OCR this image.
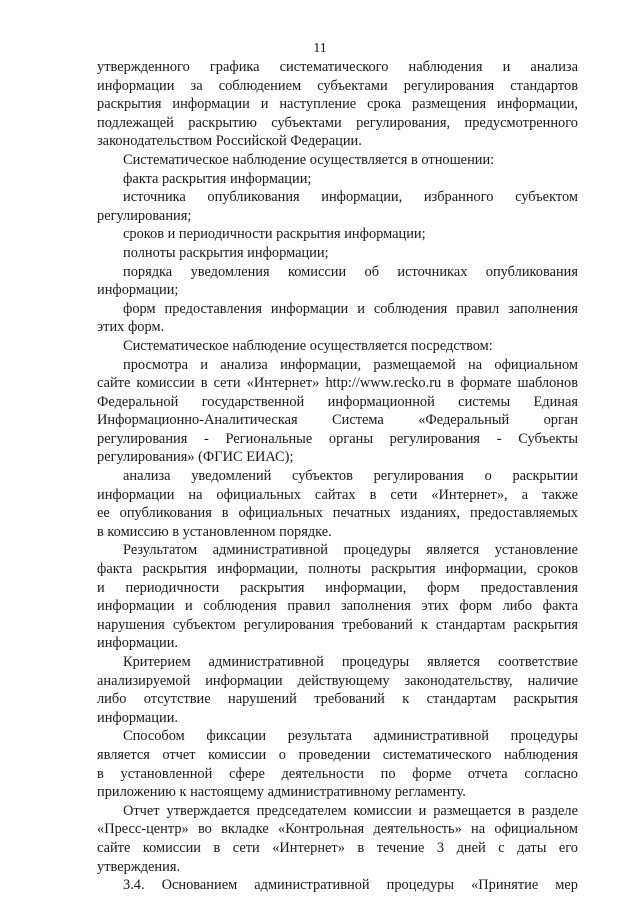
11
утвержденного графика систематического наблюдения и анализа
информации за соблюдением субъектами регулирования стандартов
раскрытия информации и наступление срока размещения информации,
подлежащей раскрытию субъектами регулирования, предусмотренного
законодательством Российской Федерации.
Систематическое наблюдение осуществляется в отношении:
факта раскрытия информации;
источника опубликования информации, избранного субъектом
регулирования;
сроков и периодичности раскрытия информации;
полноты раскрытия информации;
порядка уведомления комиссии об источниках опубликования
информации;
форм предоставления информации и соблюдения правил заполнения
этих форм.
Систематическое наблюдение осуществляется посредством:
просмотра и анализа информации, размещаемой на официальном
сайте комиссии в сети «Интернет» http://www.recko.ru в формате шаблонов
Федеральной государственной информационной системы Единая
Информационно-Аналитическая Система «Федеральный орган
регулирования - Региональные органы регулирования - Субъекты
регулирования» (ФГИС ЕИАС);
анализа уведомлений субъектов регулирования о раскрытии
информации на официальных сайтах в сети «Интернет», а также
ее опубликования в официальных печатных изданиях, предоставляемых
в комиссию в установленном порядке.
Результатом административной процедуры является установление
факта раскрытия информации, полноты раскрытия информации, сроков
и периодичности раскрытия информации, форм предоставления
информации и соблюдения правил заполнения этих форм либо факта
нарушения субъектом регулирования требований к стандартам раскрытия
информации.
Критерием административной процедуры является соответствие
анализируемой информации действующему законодательству, наличие
либо отсутствие нарушений требований к стандартам раскрытия
информации.
Способом фиксации результата административной процедуры
является отчет комиссии о проведении систематического наблюдения
в установленной сфере деятельности по форме отчета согласно
приложению к настоящему административному регламенту.
Отчет утверждается председателем комиссии и размещается в разделе
«Пресс-центр» во вкладке «Контрольная деятельность» на официальном
сайте комиссии в сети «Интернет» в течение 3 дней с даты его
утверждения.
3.4. Основанием административной процедуры «Принятие мер
